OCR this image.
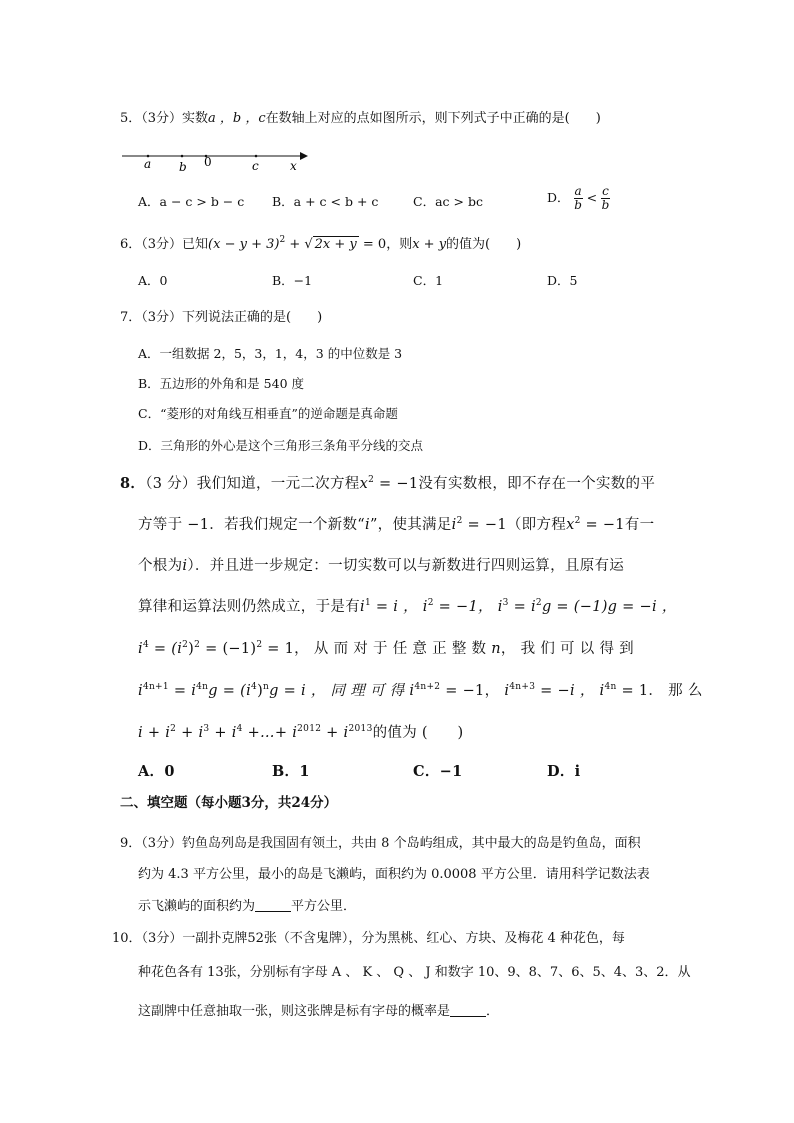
5．（3分）实数a ，b ，c在数轴上对应的点如图所示，则下列式子中正确的是(　　)
a b 0	c	x
A．a − c > b − c B．a + c < b + c	C．ac > bc	D． $\frac{a}{b} < \frac{c}{b}$
6．（3分）已知$(x - y + 3)^2$ + √ 2x + y = 0，则x + y的值为(　　)
A．0	B．−1	C．1	D．5
7．（3分）下列说法正确的是(　　)
A．一组数据 2，5，3，1，4，3 的中位数是 3
B．五边形的外角和是 540 度
C．“菱形的对角线互相垂直”的逆命题是真命题
D．三角形的外心是这个三角形三条角平分线的交点
8．（3 分）我们知道，一元二次方程$x^2 = -1$没有实数根，即不存在一个实数的平
方等于 −1．若我们规定一个新数“i”，使其满足$i^2 = -1$（即方程$x^2 = -1$有一
个根为i）．并且进一步规定：一切实数可以与新数进行四则运算，且原有运
算律和运算法则仍然成立，于是有$i^1 = i$ ， $i^2 = -1$， $i^3 = i^2g = (-1)g = -i$ ，
$i^4 = (i^2)^2 = (-1)^2 = 1$， 从 而 对 于 任 意 正 整 数 n， 我 们 可 以 得 到
$i^{4n+1} = i^{4n}g = (i^4)^ng = i$ ， 同 理 可 得 $i^{4n+2} = -1$， $i^{4n+3} = -i$ ， $i^{4n} = 1$． 那 么
$i + i^2 + i^3 + i^4$ +…+ $i^{2012} + i^{2013}$的值为 (　　)
A．0	B．1	C．−1	D．i
二、填空题（每小题3分，共24分）
9．（3分）钓鱼岛列岛是我国固有领土，共由 8 个岛屿组成，其中最大的岛是钓鱼岛，面积
约为 4.3 平方公里，最小的岛是飞濑屿，面积约为 0.0008 平方公里．请用科学记数法表
示飞濑屿的面积约为	平方公里．
10．（3分）一副扑克牌52张（不含鬼牌），分为黑桃、红心、方块、及梅花 4 种花色，每
种花色各有 13张，分别标有字母 A 、 K 、 Q 、 J 和数字 10、9、8、7、6、5、4、3、2．从
这副牌中任意抽取一张，则这张牌是标有字母的概率是	．
